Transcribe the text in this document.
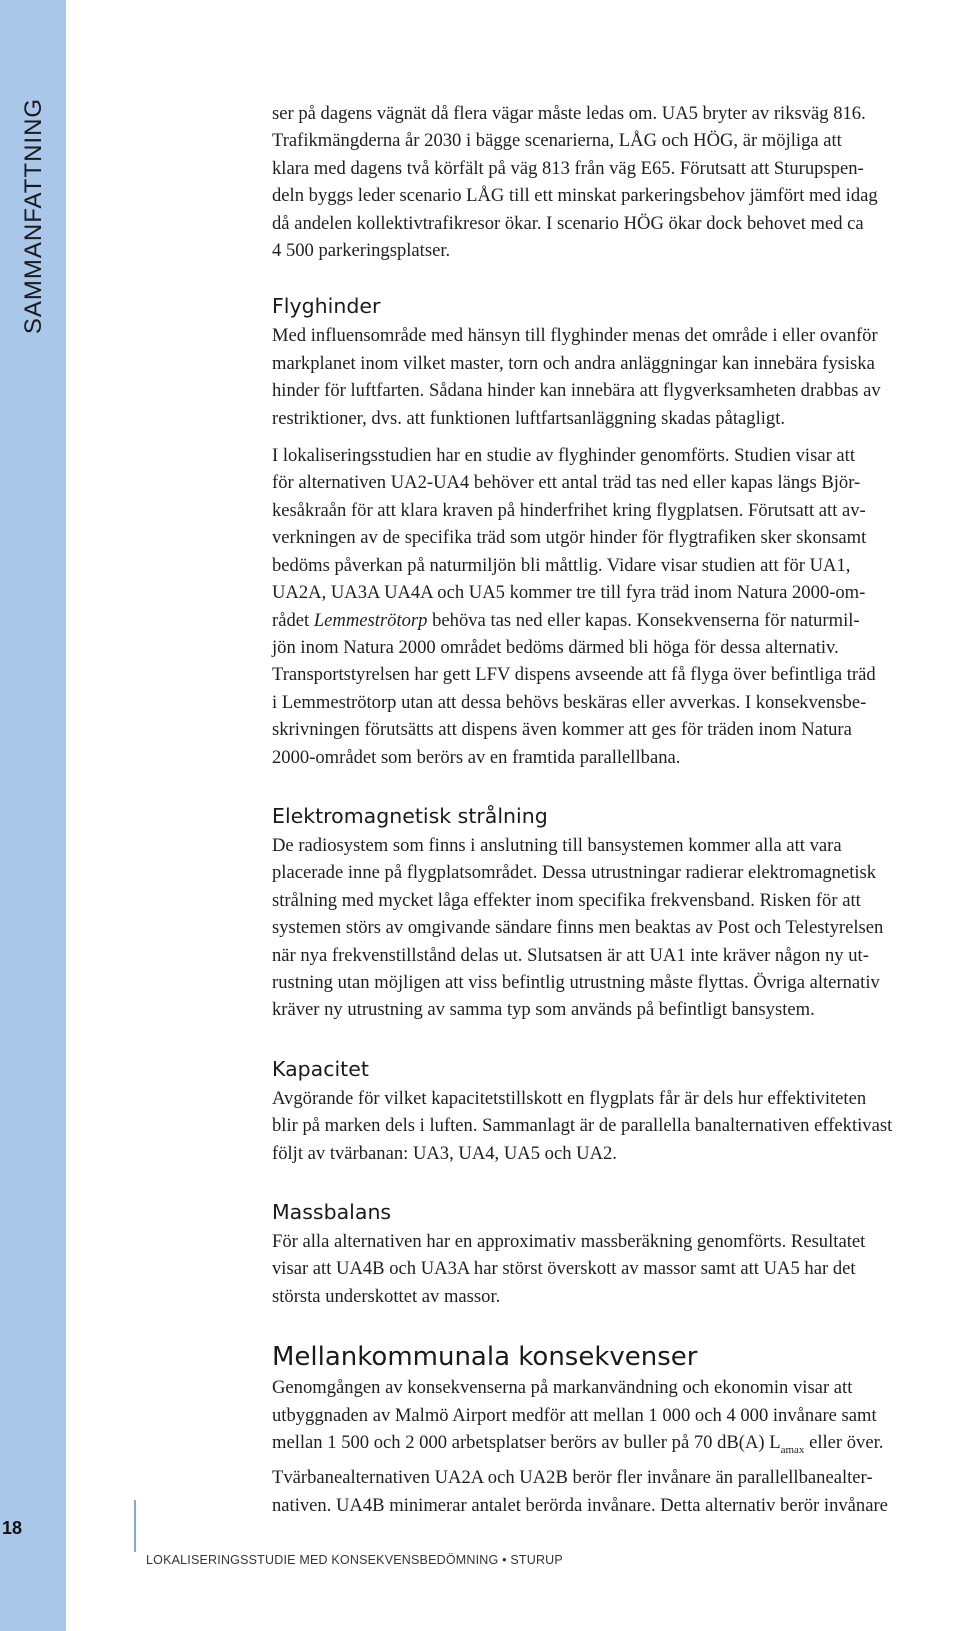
SAMMANFATTNING	ser på dagens vägnät då flera vägar måste ledas om. UA5 bryter av riksväg 816.

Trafikmängderna år 2030 i bägge scenarierna, LÅG och HÖG, är möjliga att

klara med dagens två körfält på väg 813 från väg E65. Förutsatt att Sturupspen-

deln byggs leder scenario LÅG till ett minskat parkeringsbehov jämfört med idag

då andelen kollektivtrafikresor ökar. I scenario HÖG ökar dock behovet med ca

4 500 parkeringsplatser.

Flyghinder

Med influensområde med hänsyn till flyghinder menas det område i eller ovanför

markplanet inom vilket master, torn och andra anläggningar kan innebära fysiska

hinder för luftfarten. Sådana hinder kan innebära att flygverksamheten drabbas av

restriktioner, dvs. att funktionen luftfartsanläggning skadas påtagligt.

I lokaliseringsstudien har en studie av flyghinder genomförts. Studien visar att

för alternativen UA2-UA4 behöver ett antal träd tas ned eller kapas längs Björ-

kesåkraån för att klara kraven på hinderfrihet kring flygplatsen. Förutsatt att av-

verkningen av de specifika träd som utgör hinder för flygtrafiken sker skonsamt

bedöms påverkan på naturmiljön bli måttlig. Vidare visar studien att för UA1,

UA2A, UA3A UA4A och UA5 kommer tre till fyra träd inom Natura 2000-om-

rådet Lemmeströtorp behöva tas ned eller kapas. Konsekvenserna för naturmil-

jön inom Natura 2000 området bedöms därmed bli höga för dessa alternativ.

Transportstyrelsen har gett LFV dispens avseende att få flyga över befintliga träd

i Lemmeströtorp utan att dessa behövs beskäras eller avverkas. I konsekvensbe-

skrivningen förutsätts att dispens även kommer att ges för träden inom Natura

2000-området som berörs av en framtida parallellbana.

Elektromagnetisk strålning

De radiosystem som finns i anslutning till bansystemen kommer alla att vara

placerade inne på flygplatsområdet. Dessa utrustningar radierar elektromagnetisk

strålning med mycket låga effekter inom specifika frekvensband. Risken för att

systemen störs av omgivande sändare finns men beaktas av Post och Telestyrelsen

när nya frekvenstillstånd delas ut. Slutsatsen är att UA1 inte kräver någon ny ut-

rustning utan möjligen att viss befintlig utrustning måste flyttas. Övriga alternativ

kräver ny utrustning av samma typ som används på befintligt bansystem.

Kapacitet

Avgörande för vilket kapacitetstillskott en flygplats får är dels hur effektiviteten

blir på marken dels i luften. Sammanlagt är de parallella banalternativen effektivast

följt av tvärbanan: UA3, UA4, UA5 och UA2.

Massbalans

För alla alternativen har en approximativ massberäkning genomförts. Resultatet

visar att UA4B och UA3A har störst överskott av massor samt att UA5 har det

största underskottet av massor.

Mellankommunala konsekvenser

Genomgången av konsekvenserna på markanvändning och ekonomin visar att

utbyggnaden av Malmö Airport medför att mellan 1 000 och 4 000 invånare samt

mellan 1 500 och 2 000 arbetsplatser berörs av buller på 70 dB(A) $L_{amax}$ eller över.

Tvärbanealternativen UA2A och UA2B berör fler invånare än parallellbanealter-

nativen. UA4B minimerar antalet berörda invånare. Detta alternativ berör invånare

18
LOKALISERINGSSTUDIE MED KONSEKVENSBEDÖMNING • STURUP
